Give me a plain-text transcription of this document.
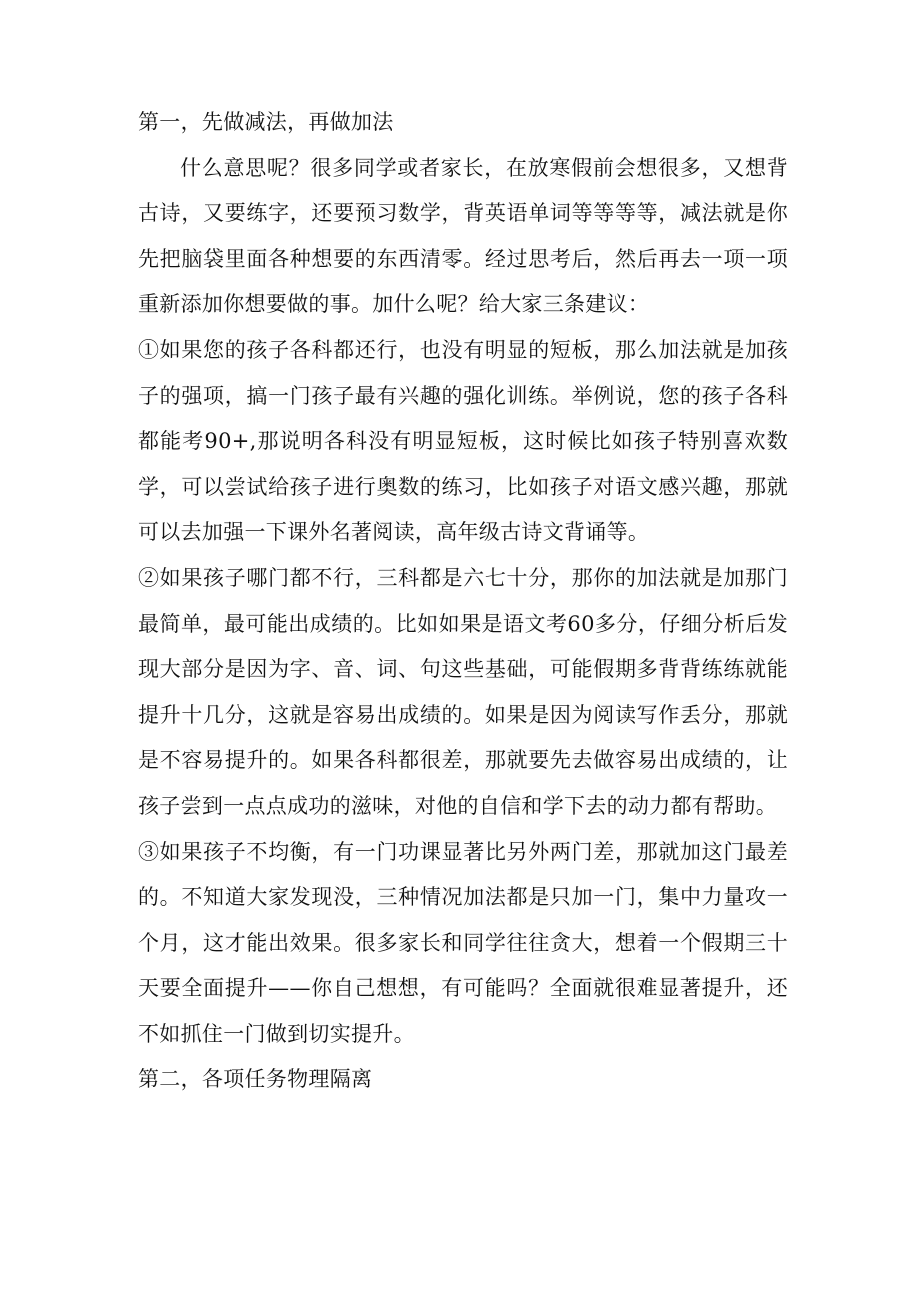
第一，先做减法，再做加法

什么意思呢？很多同学或者家长，在放寒假前会想很多，又想背古诗，又要练字，还要预习数学，背英语单词等等等等，减法就是你先把脑袋里面各种想要的东西清零。经过思考后，然后再去一项一项重新添加你想要做的事。加什么呢？给大家三条建议：

①如果您的孩子各科都还行，也没有明显的短板，那么加法就是加孩子的强项，搞一门孩子最有兴趣的强化训练。举例说，您的孩子各科都能考90+,那说明各科没有明显短板，这时候比如孩子特别喜欢数学，可以尝试给孩子进行奥数的练习，比如孩子对语文感兴趣，那就可以去加强一下课外名著阅读，高年级古诗文背诵等。

②如果孩子哪门都不行，三科都是六七十分，那你的加法就是加那门最简单，最可能出成绩的。比如如果是语文考60多分，仔细分析后发现大部分是因为字、音、词、句这些基础，可能假期多背背练练就能提升十几分，这就是容易出成绩的。如果是因为阅读写作丢分，那就是不容易提升的。如果各科都很差，那就要先去做容易出成绩的，让孩子尝到一点点成功的滋味，对他的自信和学下去的动力都有帮助。

③如果孩子不均衡，有一门功课显著比另外两门差，那就加这门最差的。不知道大家发现没，三种情况加法都是只加一门，集中力量攻一个月，这才能出效果。很多家长和同学往往贪大，想着一个假期三十天要全面提升——你自己想想，有可能吗？全面就很难显著提升，还不如抓住一门做到切实提升。

第二，各项任务物理隔离
